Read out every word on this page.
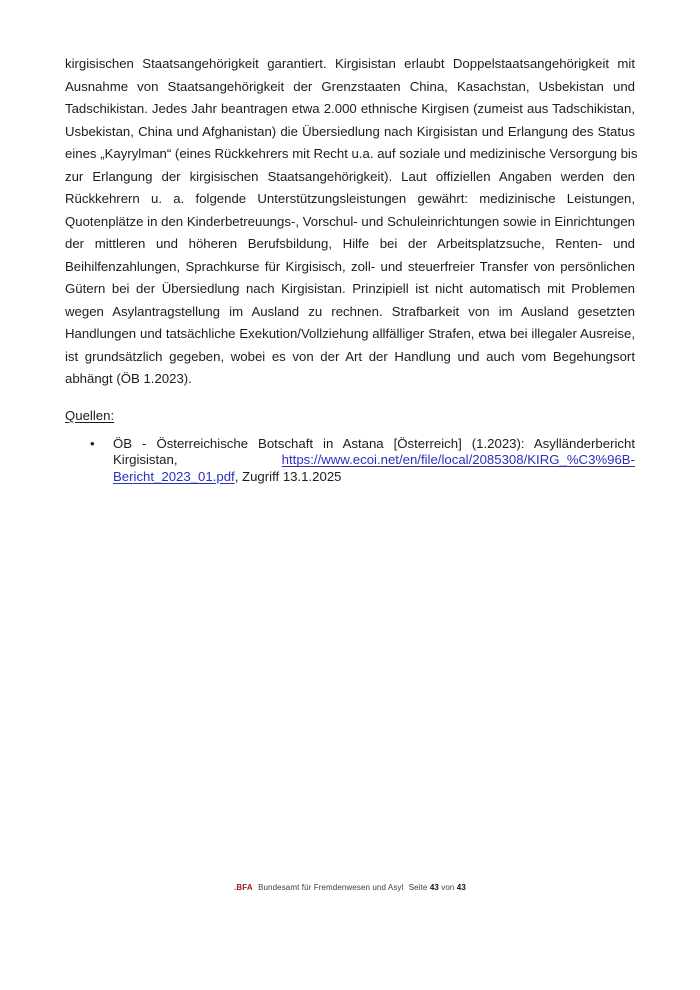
kirgisischen Staatsangehörigkeit garantiert. Kirgisistan erlaubt Doppelstaatsangehörigkeit mit
Ausnahme von Staatsangehörigkeit der Grenzstaaten China, Kasachstan, Usbekistan und
Tadschikistan. Jedes Jahr beantragen etwa 2.000 ethnische Kirgisen (zumeist aus Tadschikistan,
Usbekistan, China und Afghanistan) die Übersiedlung nach Kirgisistan und Erlangung des Status
eines „Kayrylman“ (eines Rückkehrers mit Recht u.a. auf soziale und medizinische Versorgung bis
zur Erlangung der kirgisischen Staatsangehörigkeit). Laut offiziellen Angaben werden den
Rückkehrern u. a. folgende Unterstützungsleistungen gewährt: medizinische Leistungen,
Quotenplätze in den Kinderbetreuungs-, Vorschul- und Schuleinrichtungen sowie in Einrichtungen
der mittleren und höheren Berufsbildung, Hilfe bei der Arbeitsplatzsuche, Renten- und
Beihilfenzahlungen, Sprachkurse für Kirgisisch, zoll- und steuerfreier Transfer von persönlichen
Gütern bei der Übersiedlung nach Kirgisistan. Prinzipiell ist nicht automatisch mit Problemen
wegen Asylantragstellung im Ausland zu rechnen. Strafbarkeit von im Ausland gesetzten
Handlungen und tatsächliche Exekution/Vollziehung allfälliger Strafen, etwa bei illegaler Ausreise,
ist grundsätzlich gegeben, wobei es von der Art der Handlung und auch vom Begehungsort
abhängt (ÖB 1.2023).
Quellen:
•	ÖB - Österreichische Botschaft in Astana [Österreich] (1.2023): Asylländerbericht
Kirgisistan,	https://www.ecoi.net/en/file/local/2085308/KIRG_%C3%96B-
Bericht_2023_01.pdf, Zugriff 13.1.2025
.BFA Bundesamt für Fremdenwesen und Asyl Seite 43 von 43
